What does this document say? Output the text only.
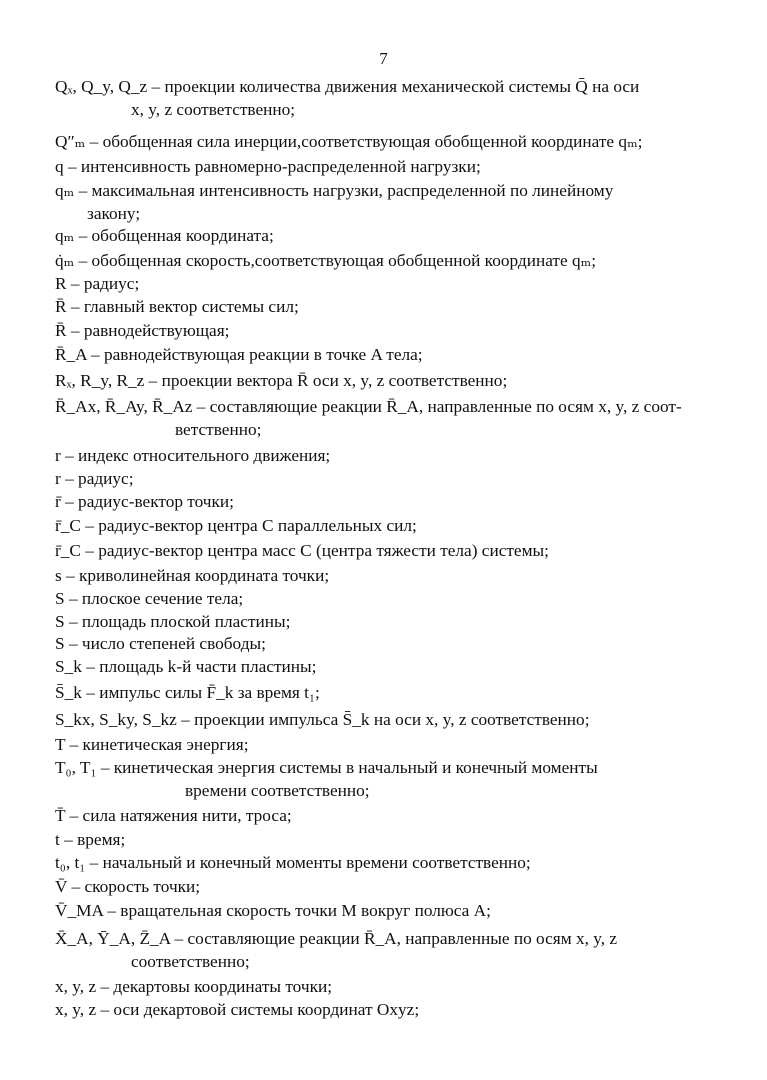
7
Qₓ, Q_y, Q_z – проекции количества движения механической системы Q̄ на оси
x, y, z соответственно;
Q″ₘ – обобщенная сила инерции,соответствующая обобщенной координате qₘ;
q – интенсивность равномерно-распределенной нагрузки;
qₘ – максимальная интенсивность нагрузки, распределенной по линейному
закону;
qₘ – обобщенная координата;
q̇ₘ – обобщенная скорость,соответствующая обобщенной координате qₘ;
R – радиус;
R̄ – главный вектор системы сил;
R̄ – равнодействующая;
R̄_A – равнодействующая реакции в точке A тела;
Rₓ, R_y, R_z – проекции вектора R̄ оси x, y, z соответственно;
R̄_Ax, R̄_Ay, R̄_Az – составляющие реакции R̄_A, направленные по осям x, y, z соот-
ветственно;
r – индекс относительного движения;
r – радиус;
r̄ – радиус-вектор точки;
r̄_C – радиус-вектор центра C параллельных сил;
r̄_C – радиус-вектор центра масс C (центра тяжести тела) системы;
s – криволинейная координата точки;
S – плоское сечение тела;
S – площадь плоской пластины;
S – число степеней свободы;
S_k – площадь k-й части пластины;
S̄_k – импульс силы F̄_k за время t₁;
S_kx, S_ky, S_kz – проекции импульса S̄_k на оси x, y, z соответственно;
T – кинетическая энергия;
T₀, T₁ – кинетическая энергия системы в начальный и конечный моменты
времени соответственно;
T̄ – сила натяжения нити, троса;
t – время;
t₀, t₁ – начальный и конечный моменты времени соответственно;
V̄ – скорость точки;
V̄_MA – вращательная скорость точки M вокруг полюса A;
X̄_A, Ȳ_A, Z̄_A – составляющие реакции R̄_A, направленные по осям x, y, z
соответственно;
x, y, z – декартовы координаты точки;
x, y, z – оси декартовой системы координат Oxyz;
